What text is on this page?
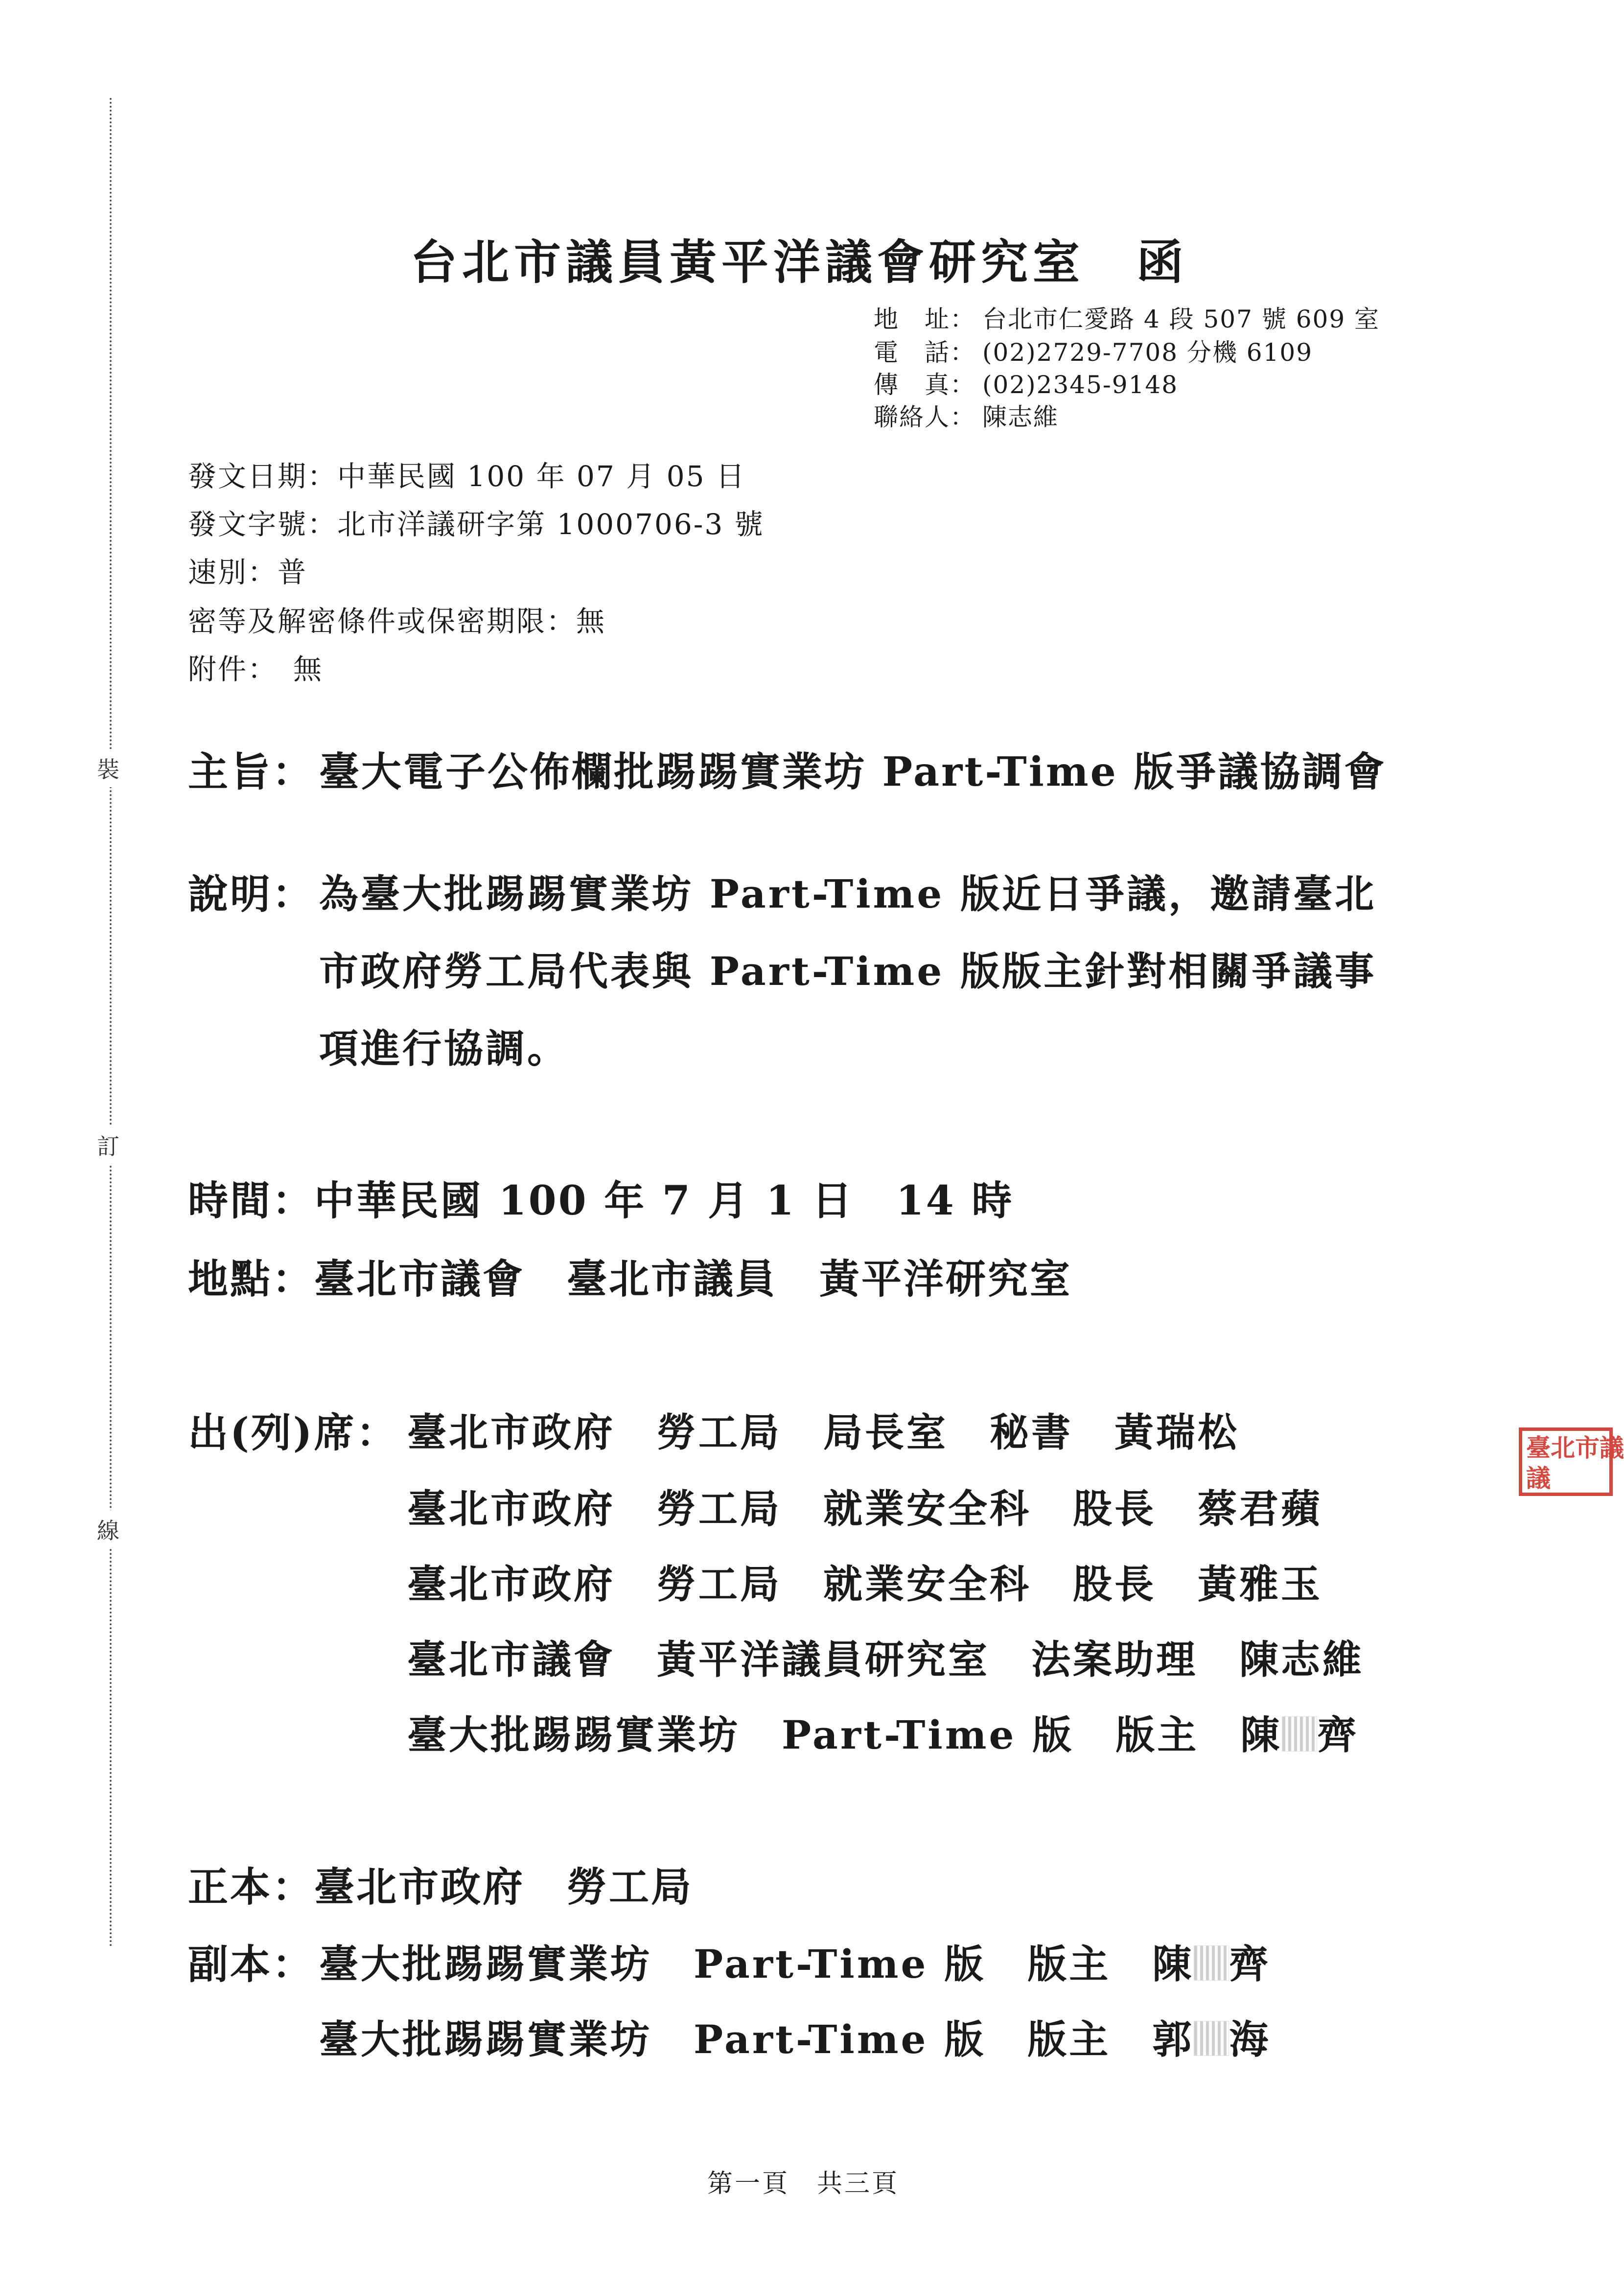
裝
訂
線
台北市議員黃平洋議會研究室　函
地　址： 台北市仁愛路 4 段 507 號 609 室
電　話： (02)2729-7708 分機 6109
傳　真： (02)2345-9148
聯絡人： 陳志維
發文日期：中華民國 100 年 07 月 05 日
發文字號：北市洋議研字第 1000706-3 號
速別：普
密等及解密條件或保密期限：無
附件：　無
主旨： 臺大電子公佈欄批踢踢實業坊 Part-Time 版爭議協調會
說明： 為臺大批踢踢實業坊 Part-Time 版近日爭議，邀請臺北
市政府勞工局代表與 Part-Time 版版主針對相關爭議事
項進行協調。
時間：中華民國 100 年 7 月 1 日　14 時
地點：臺北市議會　臺北市議員　黃平洋研究室
出(列)席： 臺北市政府　勞工局　局長室　秘書　黃瑞松
臺北市政府　勞工局　就業安全科　股長　蔡君蘋
臺北市政府　勞工局　就業安全科　股長　黃雅玉
臺北市議會　黃平洋議員研究室　法案助理　陳志維
臺大批踢踢實業坊　Part-Time 版　版主　陳 齊
正本：臺北市政府　勞工局
副本： 臺大批踢踢實業坊　Part-Time 版　版主　陳 齊
臺大批踢踢實業坊　Part-Time 版　版主　郭 海
第一頁　共三頁
臺北市議
議
